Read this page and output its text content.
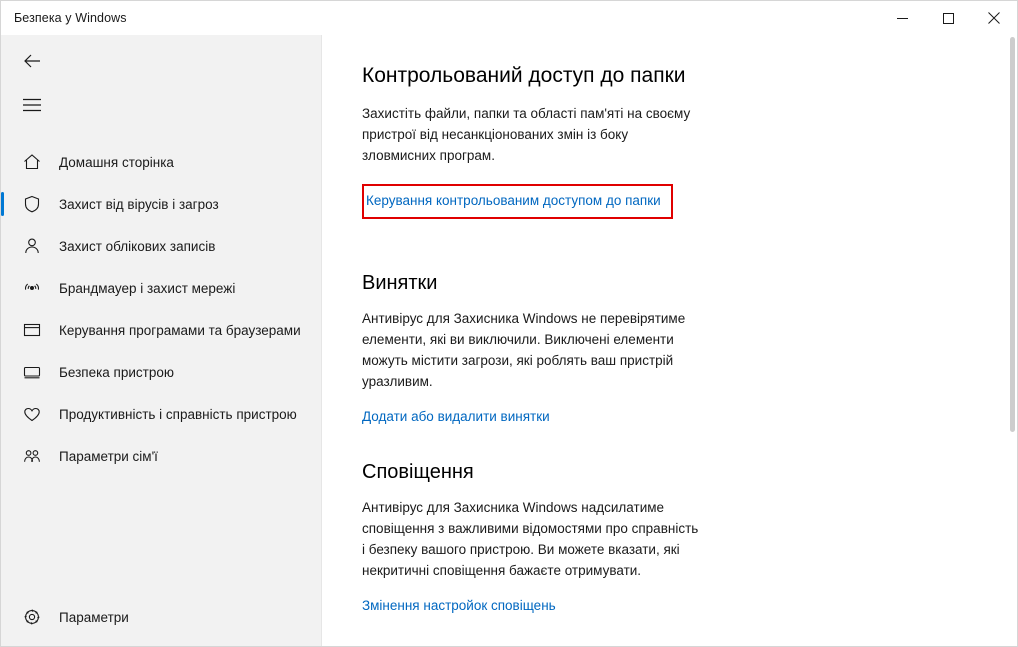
Безпека у Windows
Домашня сторінка
Захист від вірусів і загроз
Захист облікових записів
Брандмауер і захист мережі
Керування програмами та браузерами
Безпека пристрою
Продуктивність і справність пристрою
Параметри сім'ї
Параметри
Контрольований доступ до папки

Захистіть файли, папки та області пам'яті на своєму пристрої від несанкціонованих змін із боку зловмисних програм.

Керування контрольованим доступом до папки
Винятки

Антивірус для Захисника Windows не перевірятиме елементи, які ви виключили. Виключені елементи можуть містити загрози, які роблять ваш пристрій уразливим.

Додати або видалити винятки
Сповіщення

Антивірус для Захисника Windows надсилатиме сповіщення з важливими відомостями про справність і безпеку вашого пристрою. Ви можете вказати, які некритичні сповіщення бажаєте отримувати.

Змінення настройок сповіщень
